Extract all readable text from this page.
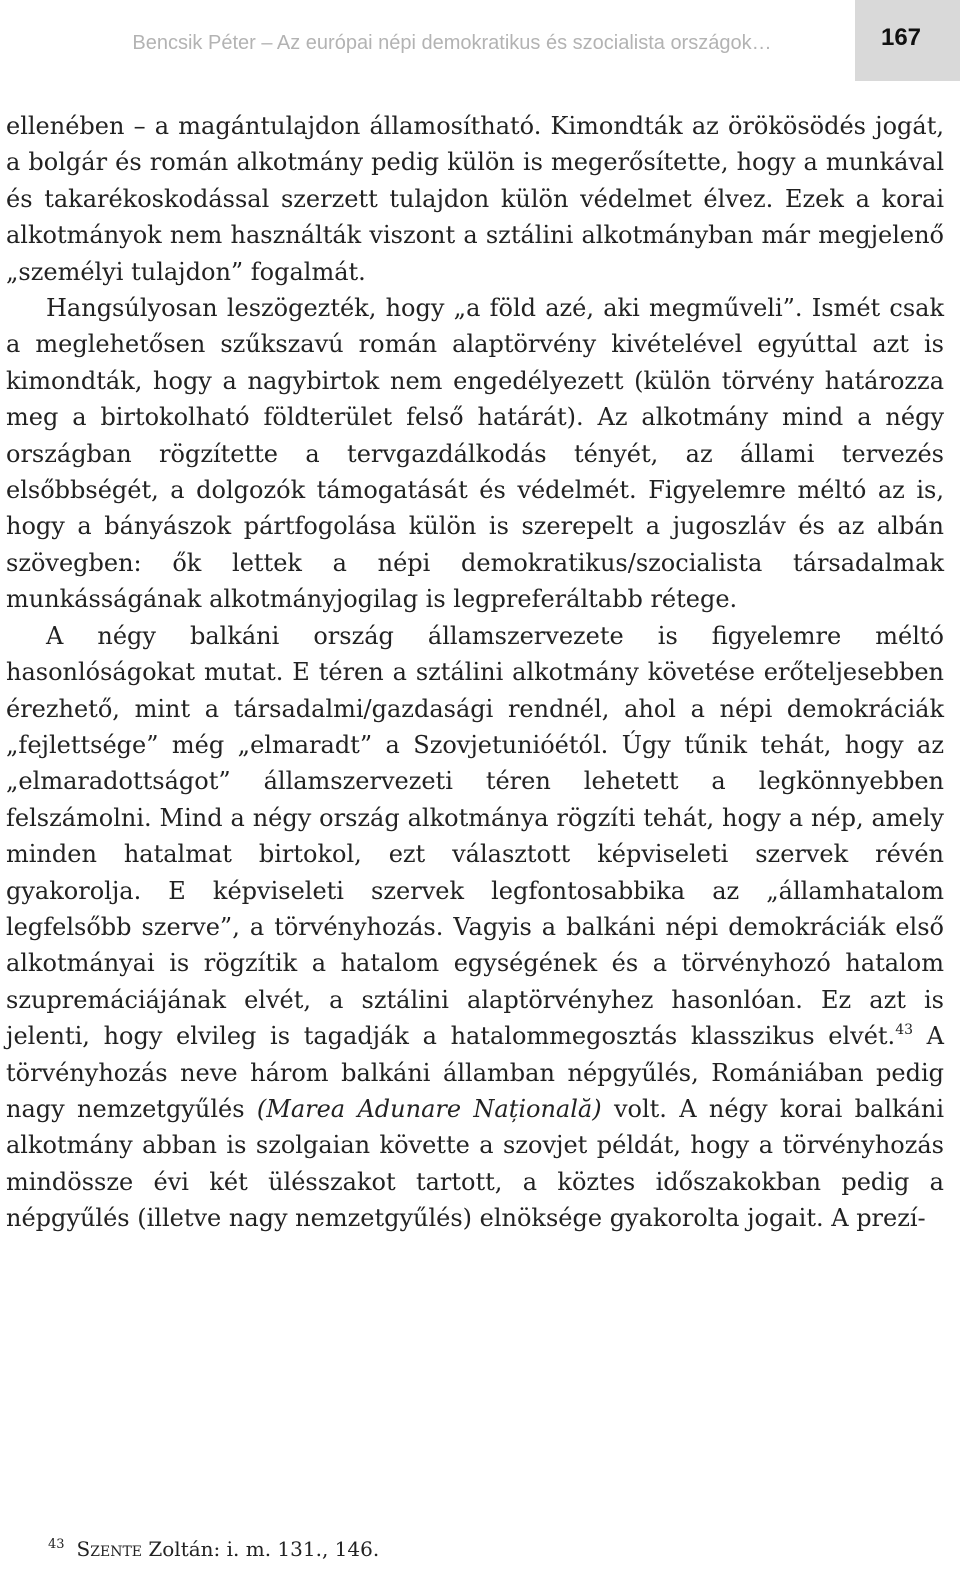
Bencsik Péter – Az európai népi demokratikus és szocialista országok…	167

ellenében – a magántulajdon államosítható. Kimondták az örökösödés jogát, a bolgár és román alkotmány pedig külön is megerősítette, hogy a munkával és takarékoskodással szerzett tulajdon külön védelmet élvez. Ezek a korai alkotmányok nem használták viszont a sztálini alkotmányban már megjelenő „személyi tulajdon” fogalmát.

Hangsúlyosan leszögezték, hogy „a föld azé, aki megműveli”. Ismét csak a meglehetősen szűkszavú román alaptörvény kivételével egyúttal azt is kimondták, hogy a nagybirtok nem engedélyezett (külön törvény határozza meg a birtokolható földterület felső határát). Az alkotmány mind a négy országban rögzítette a tervgazdálkodás tényét, az állami tervezés elsőbbségét, a dolgozók támogatását és védelmét. Figyelemre méltó az is, hogy a bányászok pártfogolása külön is szerepelt a jugoszláv és az albán szövegben: ők lettek a népi demokratikus/szocialista társadalmak munkásságának alkotmányjogilag is legpreferáltabb rétege.

A négy balkáni ország államszervezete is figyelemre méltó hasonlóságokat mutat. E téren a sztálini alkotmány követése erőteljesebben érezhető, mint a társadalmi/gazdasági rendnél, ahol a népi demokráciák „fejlettsége” még „elmaradt” a Szovjetunióétól. Úgy tűnik tehát, hogy az „elmaradottságot” államszervezeti téren lehetett a legkönnyebben felszámolni. Mind a négy ország alkotmánya rögzíti tehát, hogy a nép, amely minden hatalmat birtokol, ezt választott képviseleti szervek révén gyakorolja. E képviseleti szervek legfontosabbika az „államhatalom legfelsőbb szerve”, a törvényhozás. Vagyis a balkáni népi demokráciák első alkotmányai is rögzítik a hatalom egységének és a törvényhozó hatalom szupremáciájának elvét, a sztálini alaptörvényhez hasonlóan. Ez azt is jelenti, hogy elvileg is tagadják a hatalommegosztás klasszikus elvét.$^{43}$ A törvényhozás neve három balkáni államban népgyűlés, Romániában pedig nagy nemzetgyűlés (Marea Adunare Națională) volt. A négy korai balkáni alkotmány abban is szolgaian követte a szovjet példát, hogy a törvényhozás mindössze évi két ülésszakot tartott, a köztes időszakokban pedig a népgyűlés (illetve nagy nemzetgyűlés) elnöksége gyakorolta jogait. A prezí-

$^{43}$ Szente Zoltán: i. m. 131., 146.
